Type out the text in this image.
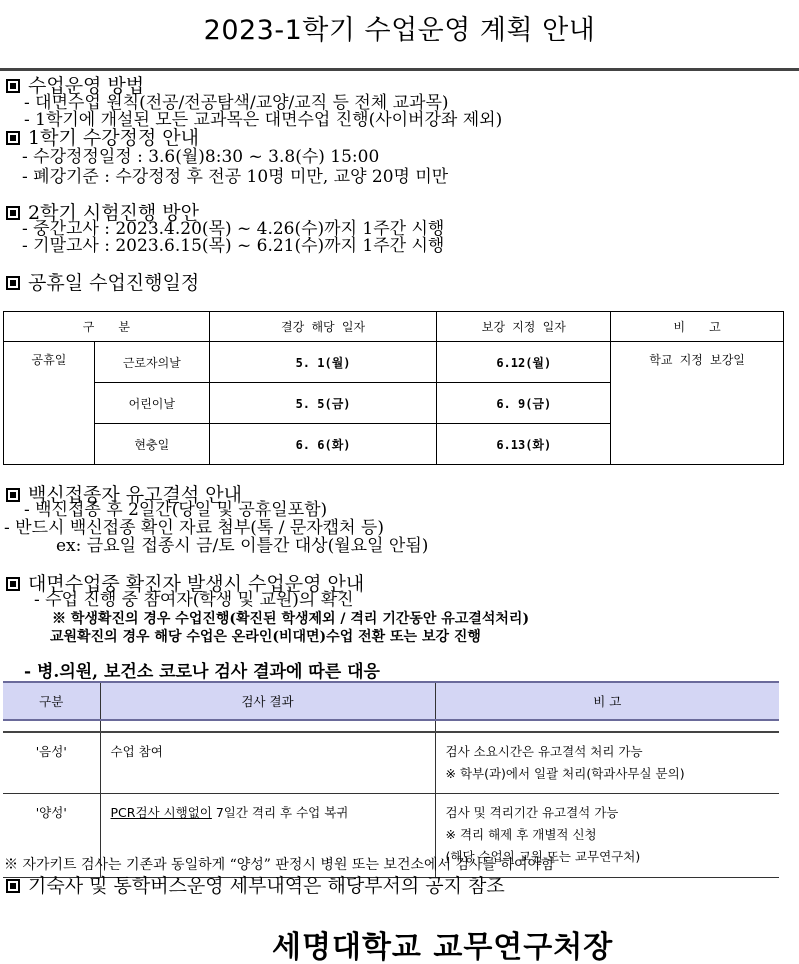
2023-1학기 수업운영 계획 안내
수업운영 방법
- 대면수업 원칙(전공/전공탐색/교양/교직 등 전체 교과목)
- 1학기에 개설된 모든 교과목은 대면수업 진행(사이버강좌 제외)
1학기 수강정정 안내
- 수강정정일정 : 3.6(월)8:30 ~ 3.8(수) 15:00
- 폐강기준 : 수강정정 후 전공 10명 미만, 교양 20명 미만
2학기 시험진행 방안
- 중간고사 : 2023.4.20(목) ~ 4.26(수)까지 1주간 시행
- 기말고사 : 2023.6.15(목) ~ 6.21(수)까지 1주간 시행
공휴일 수업진행일정
구　　분		결강 해당 일자	보강 지정 일자	비　　고
공휴일	근로자의날	5. 1(월)	6.12(월)	학교 지정 보강일
	어린이날	5. 5(금)	6. 9(금)	
	현충일	6. 6(화)	6.13(화)	
백신접종자 유고결석 안내
- 백신접종 후 2일간(당일 및 공휴일포함)
- 반드시 백신접종 확인 자료 첨부(톡 / 문자캡처 등)
ex: 금요일 접종시 금/토 이틀간 대상(월요일 안됨)
대면수업중 확진자 발생시 수업운영 안내
- 수업 진행 중 참여자(학생 및 교원)의 확진
※ 학생확진의 경우 수업진행(확진된 학생제외 / 격리 기간동안 유고결석처리)
교원확진의 경우 해당 수업은 온라인(비대면)수업 전환 또는 보강 진행
- 병.의원, 보건소 코로나 검사 결과에 따른 대응
구분	검사 결과	비 고

'음성'	수업 참여	검사 소요시간은 유고결석 처리 가능
※ 학부(과)에서 일괄 처리(학과사무실 문의)

'양성'	PCR검사 시행없이 7일간 격리 후 수업 복귀	검사 및 격리기간 유고결석 가능
※ 격리 해제 후 개별적 신청
(해당 수업의 교원 또는 교무연구처)
※ 자가키트 검사는 기존과 동일하게 “양성” 판정시 병원 또는 보건소에서 검사를 하여야함
기숙사 및 통학버스운영 세부내역은 해당부서의 공지 참조
세명대학교 교무연구처장
